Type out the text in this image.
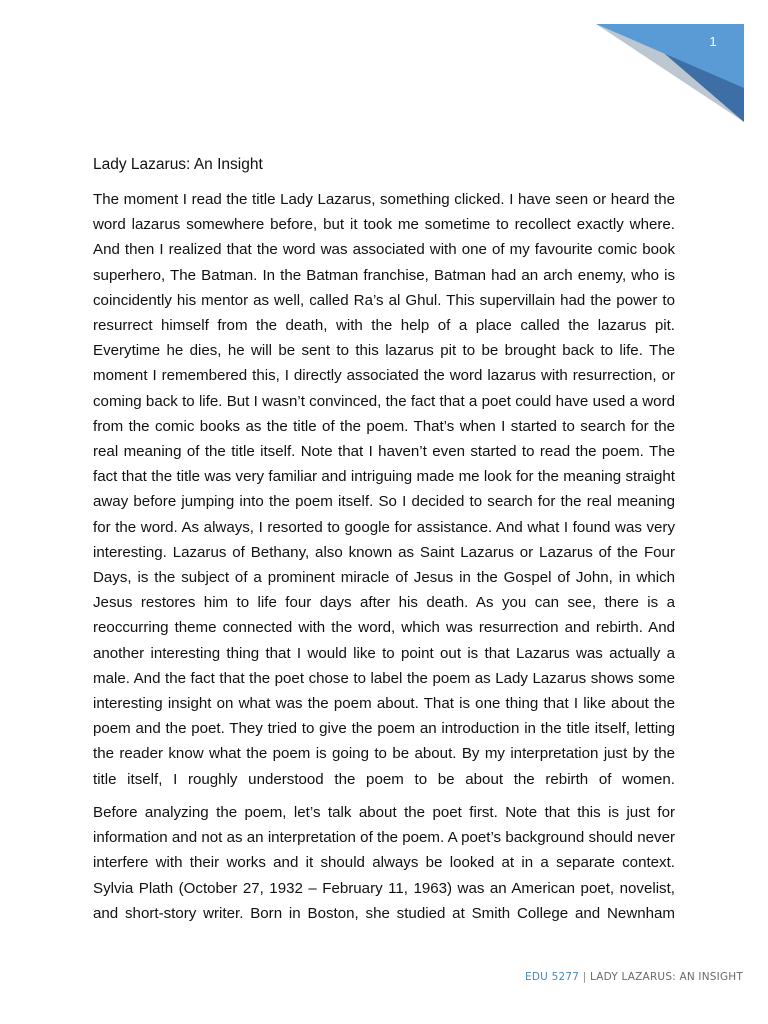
1
Lady Lazarus: An Insight

The moment I read the title Lady Lazarus, something clicked. I have seen or heard the word lazarus somewhere before, but it took me sometime to recollect exactly where. And then I realized that the word was associated with one of my favourite comic book superhero, The Batman. In the Batman franchise, Batman had an arch enemy, who is coincidently his mentor as well, called Ra’s al Ghul. This supervillain had the power to resurrect himself from the death, with the help of a place called the lazarus pit. Everytime he dies, he will be sent to this lazarus pit to be brought back to life. The moment I remembered this, I directly associated the word lazarus with resurrection, or coming back to life. But I wasn’t convinced, the fact that a poet could have used a word from the comic books as the title of the poem. That’s when I started to search for the real meaning of the title itself. Note that I haven’t even started to read the poem. The fact that the title was very familiar and intriguing made me look for the meaning straight away before jumping into the poem itself. So I decided to search for the real meaning for the word. As always, I resorted to google for assistance. And what I found was very interesting. Lazarus of Bethany, also known as Saint Lazarus or Lazarus of the Four Days, is the subject of a prominent miracle of Jesus in the Gospel of John, in which Jesus restores him to life four days after his death. As you can see, there is a reoccurring theme connected with the word, which was resurrection and rebirth. And another interesting thing that I would like to point out is that Lazarus was actually a male. And the fact that the poet chose to label the poem as Lady Lazarus shows some interesting insight on what was the poem about. That is one thing that I like about the poem and the poet. They tried to give the poem an introduction in the title itself, letting the reader know what the poem is going to be about. By my interpretation just by the title itself, I roughly understood the poem to be about the rebirth of women.

Before analyzing the poem, let’s talk about the poet first. Note that this is just for information and not as an interpretation of the poem. A poet’s background should never interfere with their works and it should always be looked at in a separate context. Sylvia Plath (October 27, 1932 – February 11, 1963) was an American poet, novelist, and short-story writer. Born in Boston, she studied at Smith College and Newnham

EDU 5277 | LADY LAZARUS: AN INSIGHT
